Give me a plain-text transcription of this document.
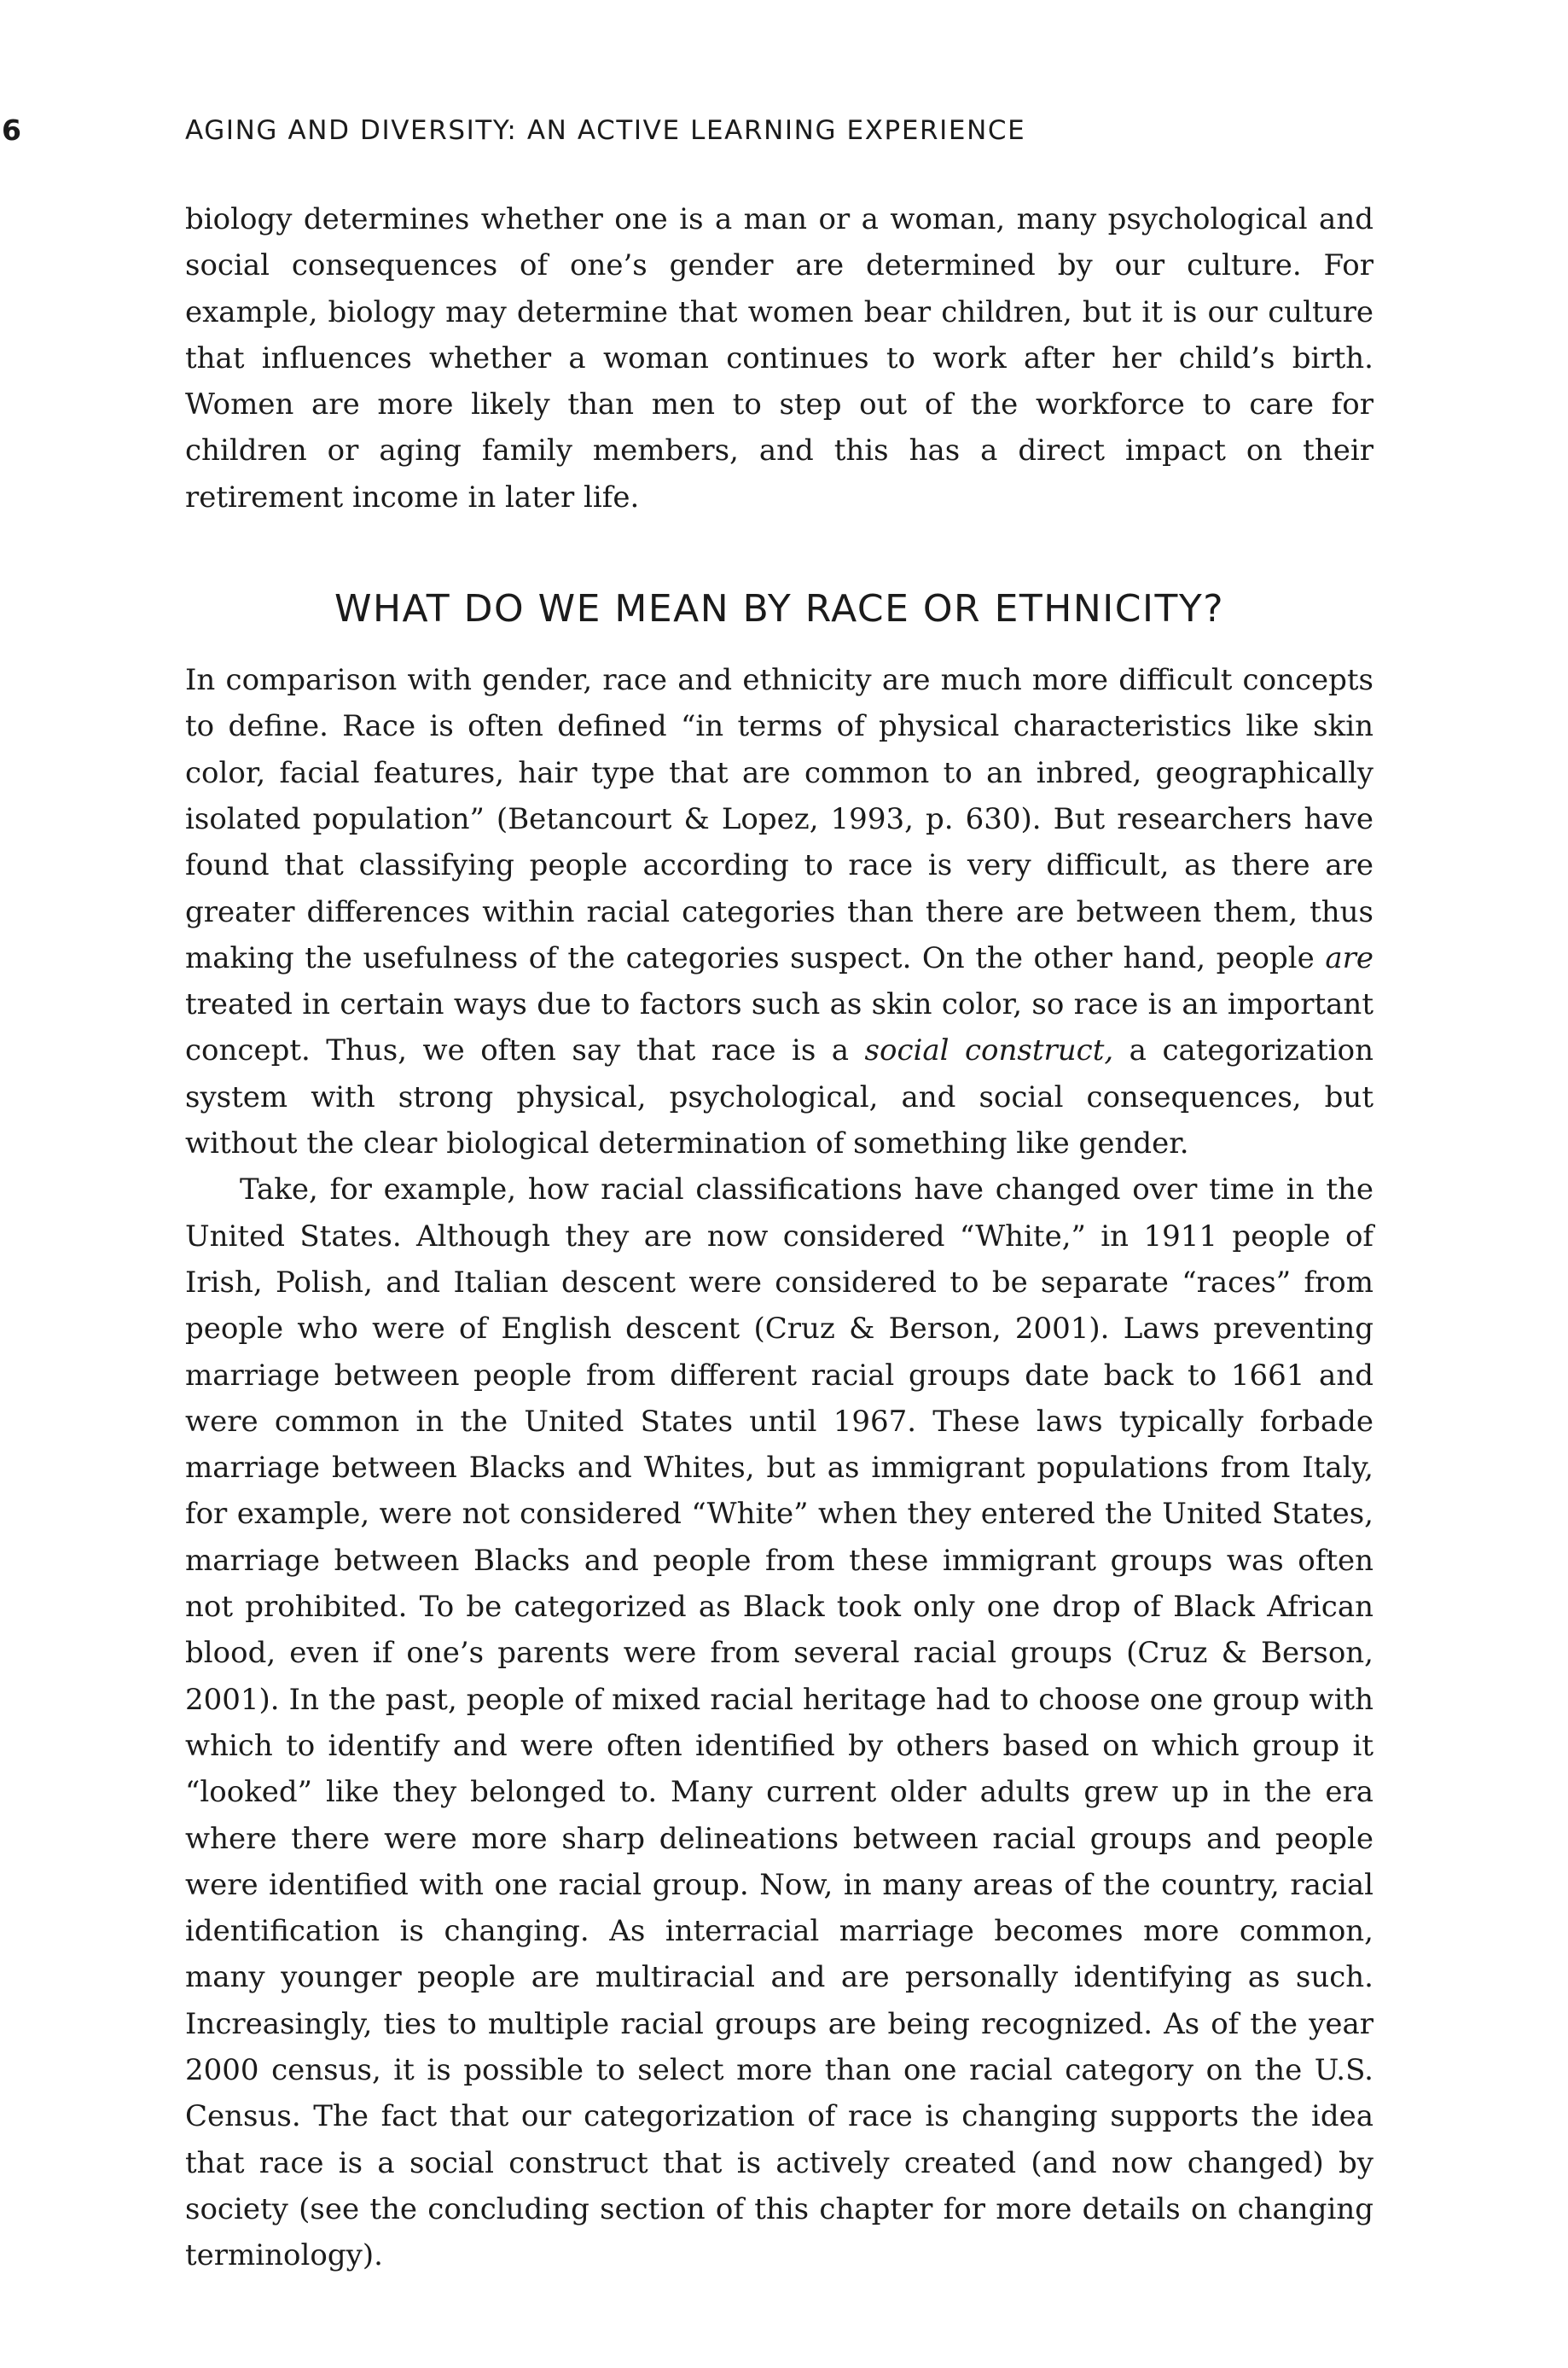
6	AGING AND DIVERSITY: AN ACTIVE LEARNING EXPERIENCE

biology determines whether one is a man or a woman, many psychological and social consequences of one’s gender are determined by our culture. For example, biology may determine that women bear children, but it is our culture that influences whether a woman continues to work after her child’s birth. Women are more likely than men to step out of the workforce to care for children or aging family members, and this has a direct impact on their retirement income in later life.

WHAT DO WE MEAN BY RACE OR ETHNICITY?

In comparison with gender, race and ethnicity are much more difficult concepts to define. Race is often defined “in terms of physical characteristics like skin color, facial features, hair type that are common to an inbred, geographically isolated population” (Betancourt & Lopez, 1993, p. 630). But researchers have found that classifying people according to race is very difficult, as there are greater differences within racial categories than there are between them, thus making the usefulness of the categories suspect. On the other hand, people are treated in certain ways due to factors such as skin color, so race is an important concept. Thus, we often say that race is a social construct, a categorization system with strong physical, psychological, and social consequences, but without the clear biological determination of something like gender.

Take, for example, how racial classifications have changed over time in the United States. Although they are now considered “White,” in 1911 people of Irish, Polish, and Italian descent were considered to be separate “races” from people who were of English descent (Cruz & Berson, 2001). Laws preventing marriage between people from different racial groups date back to 1661 and were common in the United States until 1967. These laws typically forbade marriage between Blacks and Whites, but as immigrant populations from Italy, for example, were not considered “White” when they entered the United States, marriage between Blacks and people from these immigrant groups was often not prohibited. To be categorized as Black took only one drop of Black African blood, even if one’s parents were from several racial groups (Cruz & Berson, 2001). In the past, people of mixed racial heritage had to choose one group with which to identify and were often identified by others based on which group it “looked” like they belonged to. Many current older adults grew up in the era where there were more sharp delineations between racial groups and people were identified with one racial group. Now, in many areas of the country, racial identification is changing. As interracial marriage becomes more common, many younger people are multiracial and are personally identifying as such. Increasingly, ties to multiple racial groups are being recognized. As of the year 2000 census, it is possible to select more than one racial category on the U.S. Census. The fact that our categorization of race is changing supports the idea that race is a social construct that is actively created (and now changed) by society (see the concluding section of this chapter for more details on changing terminology).
